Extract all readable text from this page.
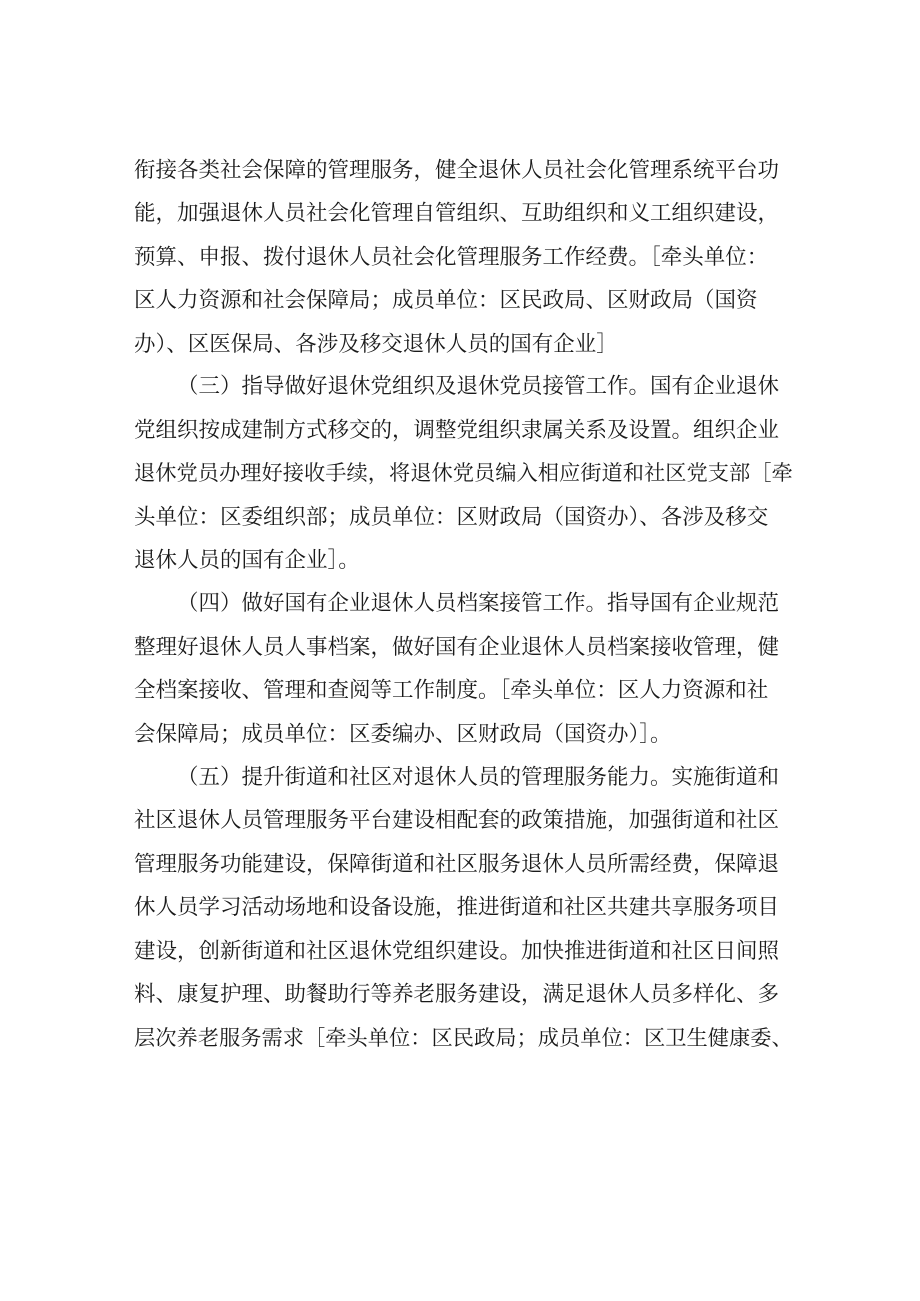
衔接各类社会保障的管理服务，健全退休人员社会化管理系统平台功

能，加强退休人员社会化管理自管组织、互助组织和义工组织建设，

预算、申报、拨付退休人员社会化管理服务工作经费。［牵头单位：

区人力资源和社会保障局；成员单位：区民政局、区财政局（国资

办）、区医保局、各涉及移交退休人员的国有企业］

（三）指导做好退休党组织及退休党员接管工作。国有企业退休

党组织按成建制方式移交的，调整党组织隶属关系及设置。组织企业

退休党员办理好接收手续，将退休党员编入相应街道和社区党支部［牵

头单位：区委组织部；成员单位：区财政局（国资办）、各涉及移交

退休人员的国有企业］。

（四）做好国有企业退休人员档案接管工作。指导国有企业规范

整理好退休人员人事档案，做好国有企业退休人员档案接收管理，健

全档案接收、管理和查阅等工作制度。［牵头单位：区人力资源和社

会保障局；成员单位：区委编办、区财政局（国资办）］。

（五）提升街道和社区对退休人员的管理服务能力。实施街道和

社区退休人员管理服务平台建设相配套的政策措施，加强街道和社区

管理服务功能建设，保障街道和社区服务退休人员所需经费，保障退

休人员学习活动场地和设备设施，推进街道和社区共建共享服务项目

建设，创新街道和社区退休党组织建设。加快推进街道和社区日间照

料、康复护理、助餐助行等养老服务建设，满足退休人员多样化、多

层次养老服务需求［牵头单位：区民政局；成员单位：区卫生健康委、
